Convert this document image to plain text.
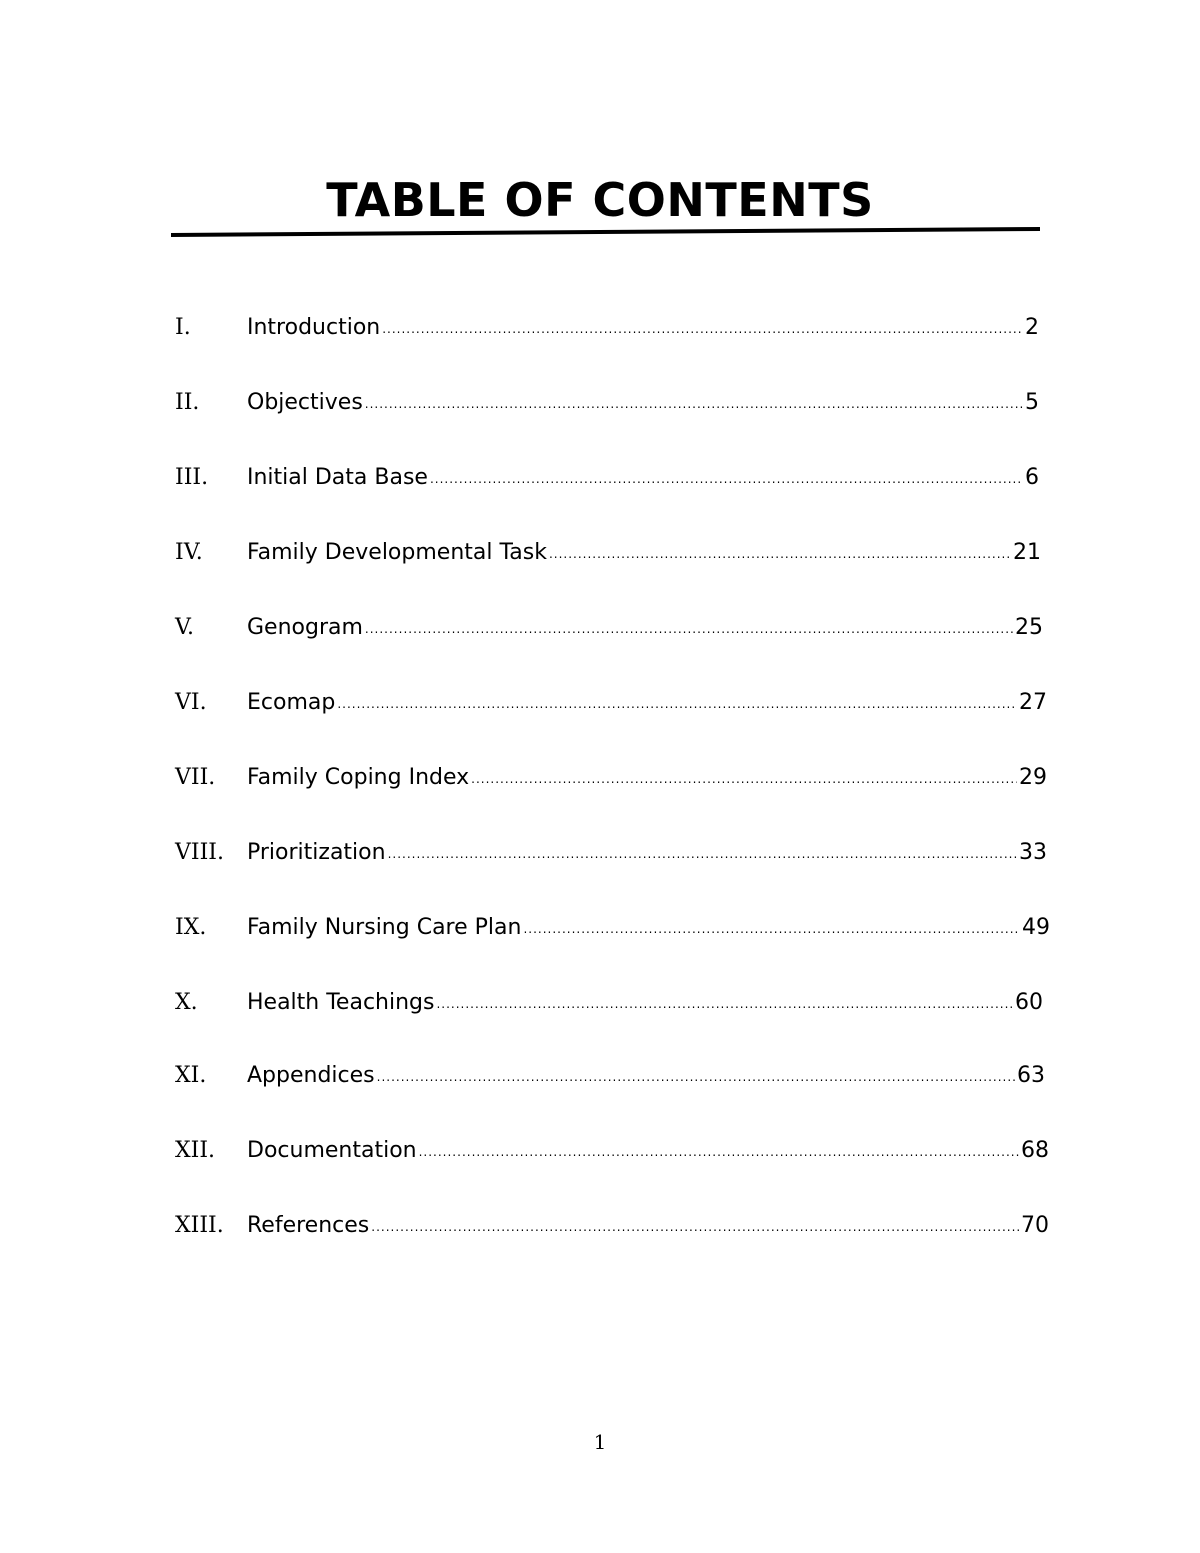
TABLE OF CONTENTS
I.	Introduction .....	2
II.	Objectives .....	5
III.	Initial Data Base .....	6
IV.	Family Developmental Task .....	21
V.	Genogram .....	25
VI.	Ecomap .....	27
VII.	Family Coping Index .....	29
VIII.	Prioritization .....	33
IX.	Family Nursing Care Plan .....	49
X.	Health Teachings .....	60
XI.	Appendices .....	63
XII.	Documentation .....	68
XIII.	References .....	70
1
